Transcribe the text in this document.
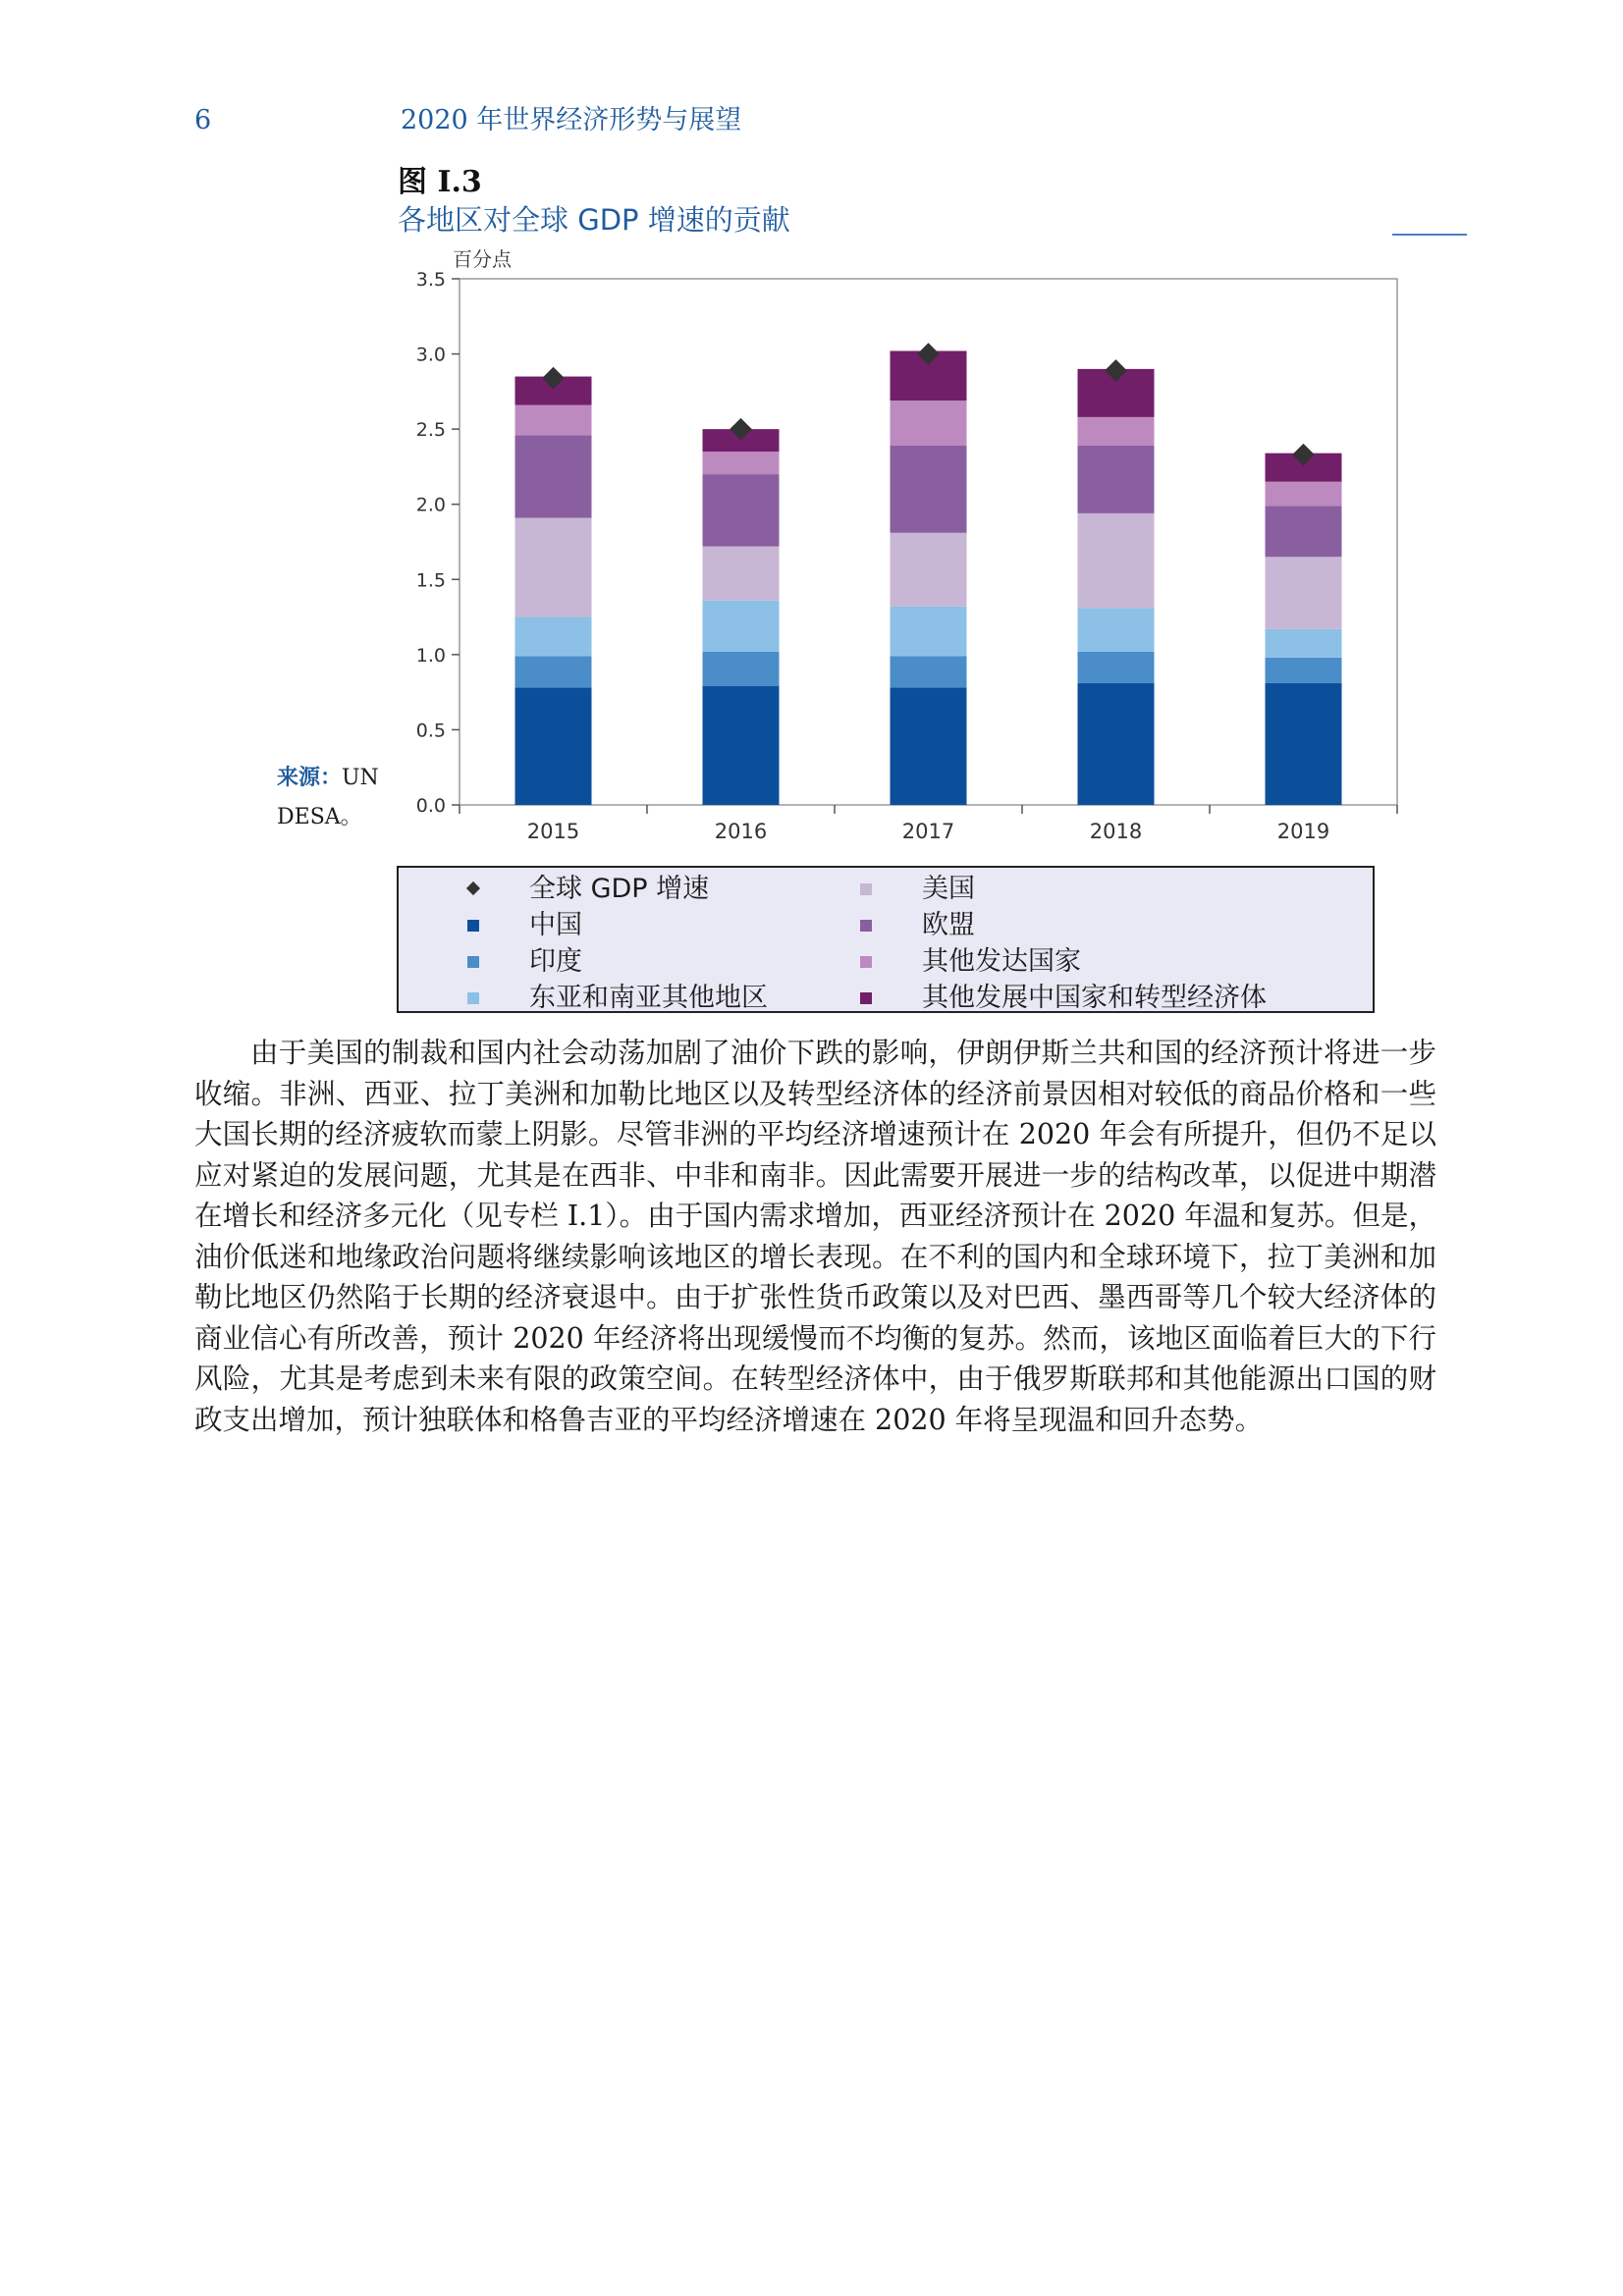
6	2020 年世界经济形势与展望
图 I.3
各地区对全球 GDP 增速的贡献
百分点
0.0
0.5
1.0
1.5
2.0
2.5
3.0
3.5
2015	2016	2017	2018	2019
来源：UN DESA。
全球 GDP 增速	美国
中国	欧盟
印度	其他发达国家
东亚和南亚其他地区	其他发展中国家和转型经济体
由于美国的制裁和国内社会动荡加剧了油价下跌的影响，伊朗伊斯兰共和国的经济预计将进一步收缩。非洲、西亚、拉丁美洲和加勒比地区以及转型经济体的经济前景因相对较低的商品价格和一些大国长期的经济疲软而蒙上阴影。尽管非洲的平均经济增速预计在 2020 年会有所提升，但仍不足以应对紧迫的发展问题，尤其是在西非、中非和南非。因此需要开展进一步的结构改革，以促进中期潜在增长和经济多元化（见专栏 I.1）。由于国内需求增加，西亚经济预计在 2020 年温和复苏。但是，油价低迷和地缘政治问题将继续影响该地区的增长表现。在不利的国内和全球环境下，拉丁美洲和加勒比地区仍然陷于长期的经济衰退中。由于扩张性货币政策以及对巴西、墨西哥等几个较大经济体的商业信心有所改善，预计 2020 年经济将出现缓慢而不均衡的复苏。然而，该地区面临着巨大的下行风险，尤其是考虑到未来有限的政策空间。在转型经济体中，由于俄罗斯联邦和其他能源出口国的财政支出增加，预计独联体和格鲁吉亚的平均经济增速在 2020 年将呈现温和回升态势。
